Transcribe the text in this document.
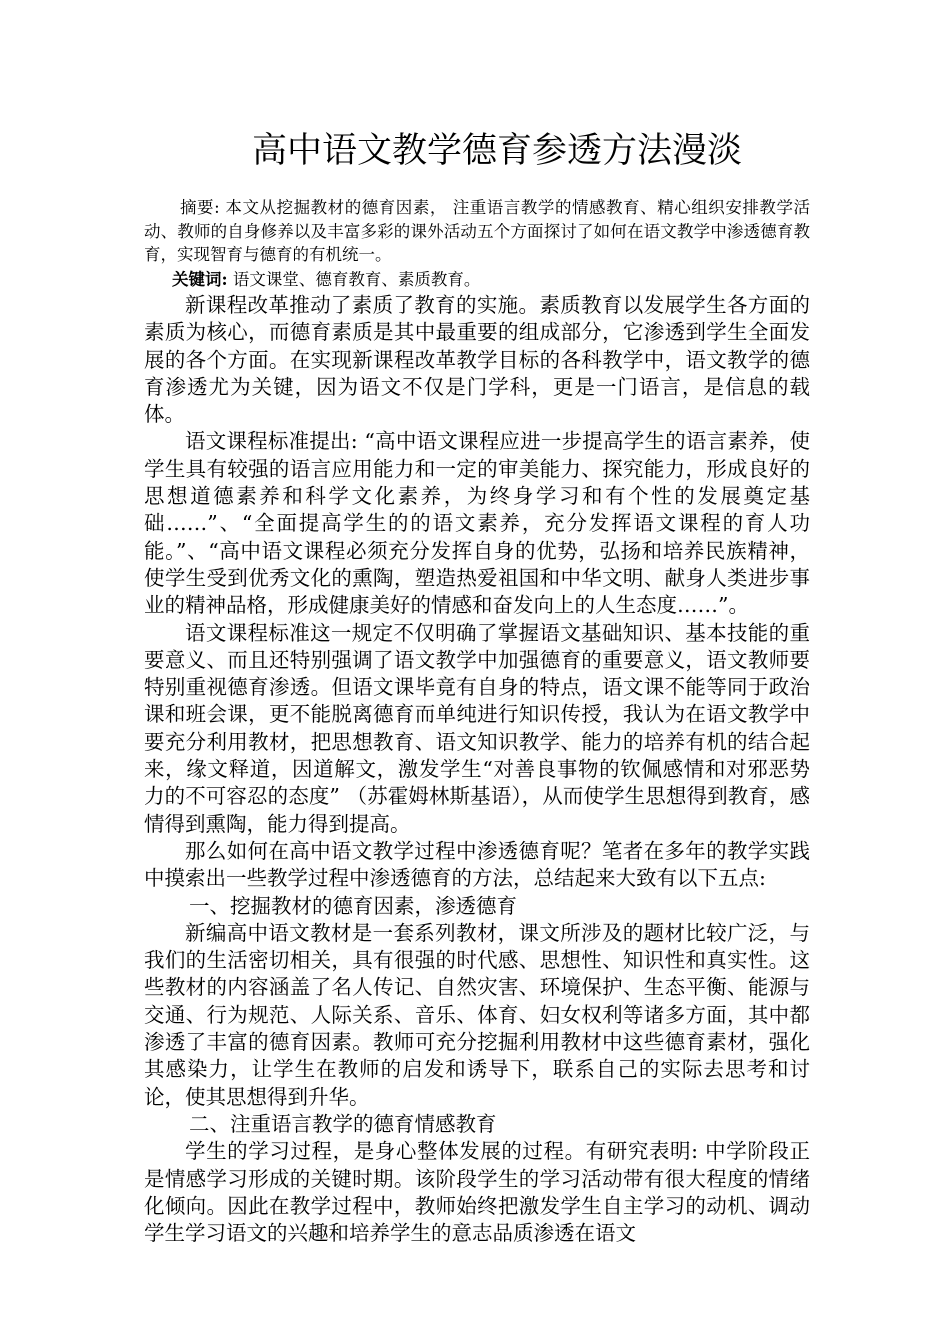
高中语文教学德育参透方法漫淡
摘要: 本文从挖掘教材的德育因素， 注重语言教学的情感教育、精心组织安排教学活动、教师的自身修养以及丰富多彩的课外活动五个方面探讨了如何在语文教学中渗透德育教育，实现智育与德育的有机统一。
关键词: 语文课堂、德育教育、素质教育。

新课程改革推动了素质了教育的实施。素质教育以发展学生各方面的素质为核心，而德育素质是其中最重要的组成部分，它渗透到学生全面发展的各个方面。在实现新课程改革教学目标的各科教学中，语文教学的德育渗透尤为关键，因为语文不仅是门学科，更是一门语言，是信息的载体。

语文课程标准提出: “高中语文课程应进一步提高学生的语言素养，使学生具有较强的语言应用能力和一定的审美能力、探究能力，形成良好的思想道德素养和科学文化素养，为终身学习和有个性的发展奠定基础……”、“全面提高学生的的语文素养，充分发挥语文课程的育人功能。”、“高中语文课程必须充分发挥自身的优势，弘扬和培养民族精神，使学生受到优秀文化的熏陶，塑造热爱祖国和中华文明、献身人类进步事业的精神品格，形成健康美好的情感和奋发向上的人生态度……”。

语文课程标准这一规定不仅明确了掌握语文基础知识、基本技能的重要意义、而且还特别强调了语文教学中加强德育的重要意义，语文教师要特别重视德育渗透。但语文课毕竟有自身的特点，语文课不能等同于政治课和班会课，更不能脱离德育而单纯进行知识传授，我认为在语文教学中要充分利用教材，把思想教育、语文知识教学、能力的培养有机的结合起来，缘文释道，因道解文，激发学生“对善良事物的钦佩感情和对邪恶势力的不可容忍的态度” （苏霍姆林斯基语），从而使学生思想得到教育，感情得到熏陶，能力得到提高。

那么如何在高中语文教学过程中渗透德育呢？笔者在多年的教学实践中摸索出一些教学过程中渗透德育的方法，总结起来大致有以下五点:

一、挖掘教材的德育因素，渗透德育

新编高中语文教材是一套系列教材，课文所涉及的题材比较广泛，与我们的生活密切相关，具有很强的时代感、思想性、知识性和真实性。这些教材的内容涵盖了名人传记、自然灾害、环境保护、生态平衡、能源与交通、行为规范、人际关系、音乐、体育、妇女权利等诸多方面，其中都渗透了丰富的德育因素。教师可充分挖掘利用教材中这些德育素材，强化其感染力，让学生在教师的启发和诱导下，联系自己的实际去思考和讨论，使其思想得到升华。

二、注重语言教学的德育情感教育

学生的学习过程，是身心整体发展的过程。有研究表明: 中学阶段正是情感学习形成的关键时期。该阶段学生的学习活动带有很大程度的情绪化倾向。因此在教学过程中，教师始终把激发学生自主学习的动机、调动学生学习语文的兴趣和培养学生的意志品质渗透在语文
